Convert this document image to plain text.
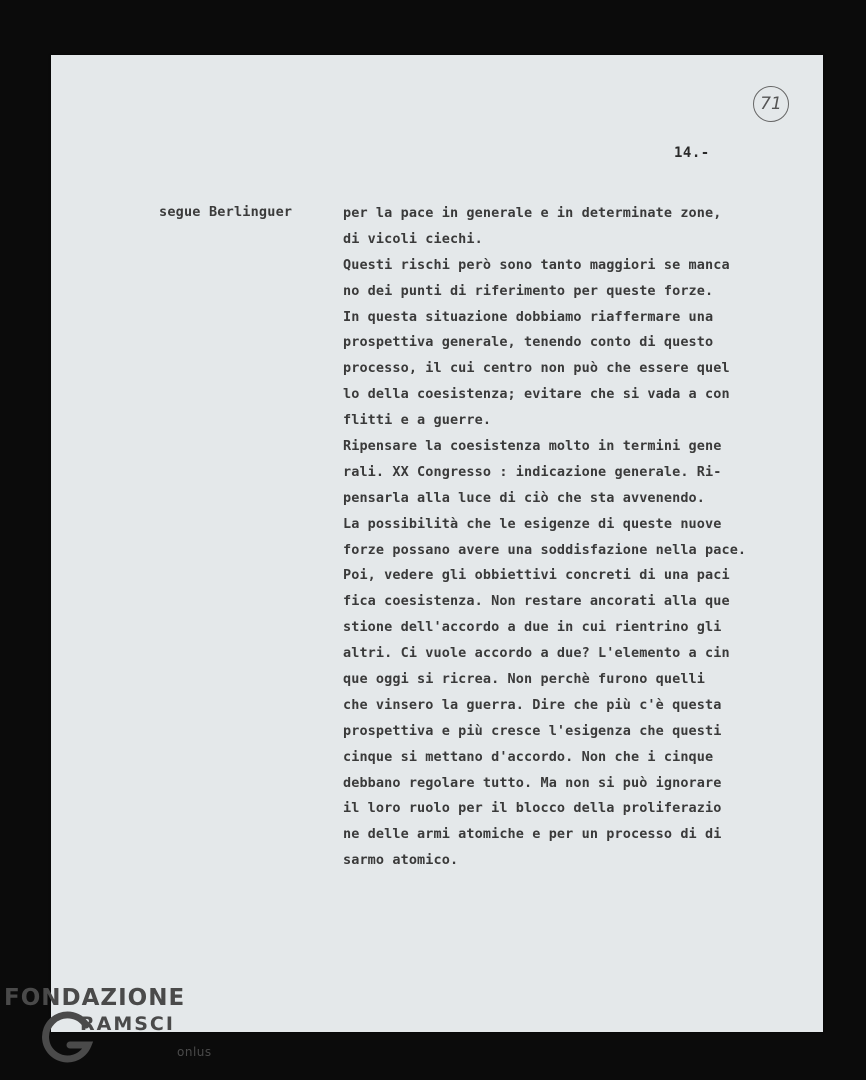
71
14.-
segue Berlinguer	per la pace in generale e in determinate zone,
di vicoli ciechi.
Questi rischi però sono tanto maggiori se manca
no dei punti di riferimento per queste forze.
In questa situazione dobbiamo riaffermare una
prospettiva generale, tenendo conto di questo
processo, il cui centro non può che essere quel
lo della coesistenza; evitare che si vada a con
flitti e a guerre.
Ripensare la coesistenza molto in termini gene
rali. XX Congresso : indicazione generale. Ri-
pensarla alla luce di ciò che sta avvenendo.
La possibilità che le esigenze di queste nuove
forze possano avere una soddisfazione nella pace.
Poi, vedere gli obbiettivi concreti di una paci
fica coesistenza. Non restare ancorati alla que
stione dell'accordo a due in cui rientrino gli
altri. Ci vuole accordo a due? L'elemento a cin
que oggi si ricrea. Non perchè furono quelli
che vinsero la guerra. Dire che più c'è questa
prospettiva e più cresce l'esigenza che questi
cinque si mettano d'accordo. Non che i cinque
debbano regolare tutto. Ma non si può ignorare
il loro ruolo per il blocco della proliferazio
ne delle armi atomiche e per un processo di di
sarmo atomico.
FONDAZIONE
RAMSCI
onlus
